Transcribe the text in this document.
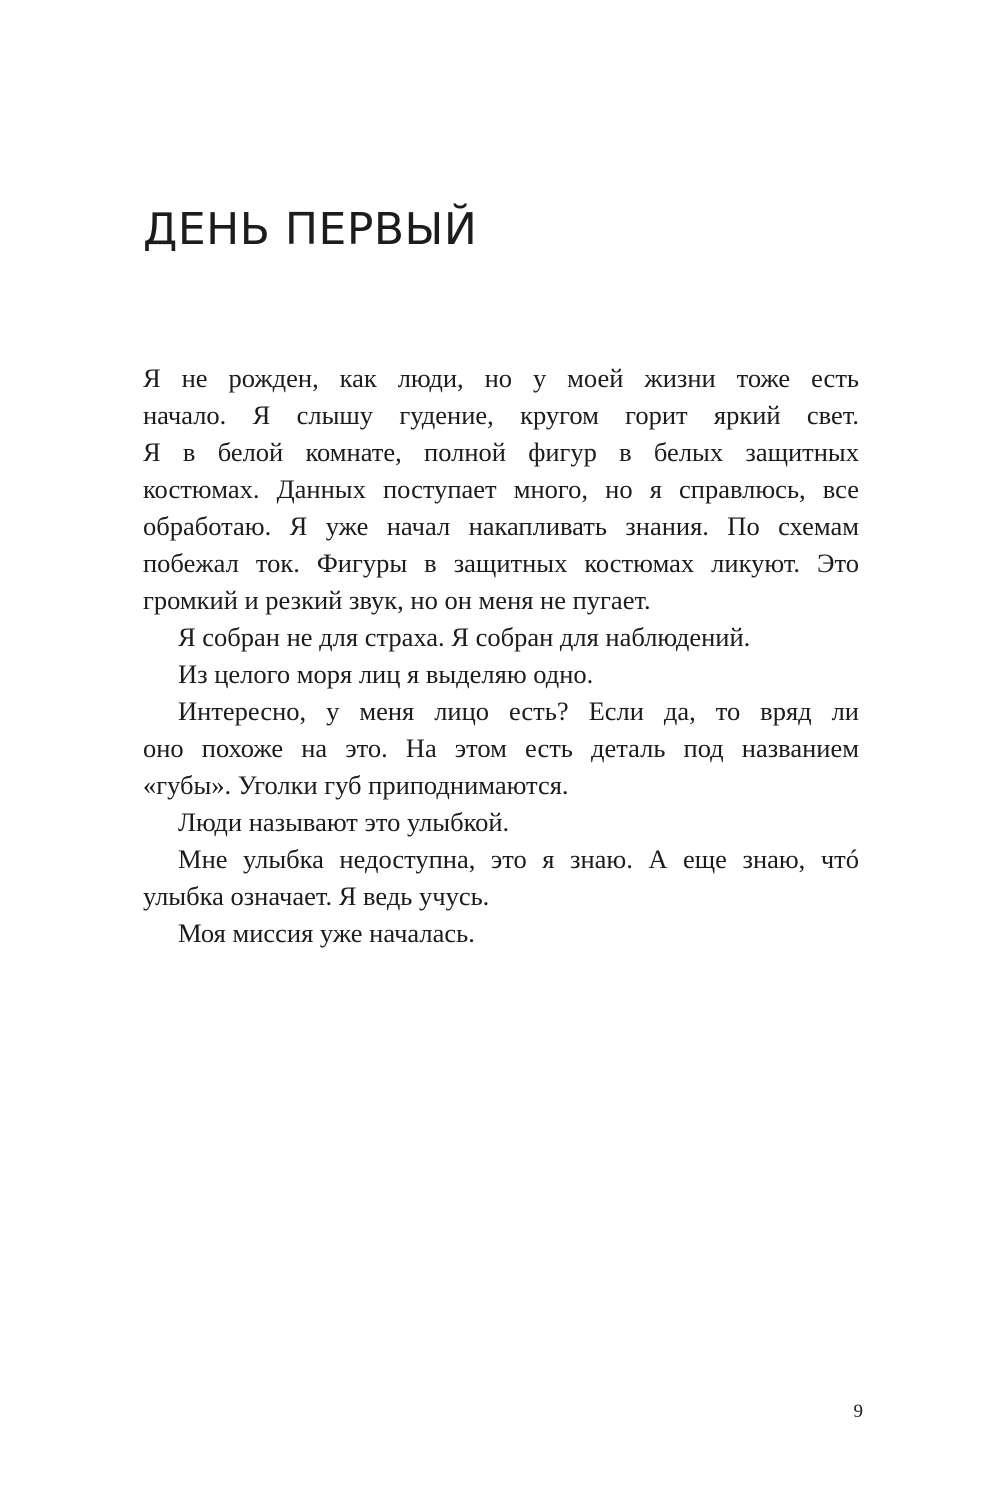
ДЕНЬ ПЕРВЫЙ
Я не рожден, как люди, но у моей жизни тоже есть
начало. Я слышу гудение, кругом горит яркий свет.
Я в белой комнате, полной фигур в белых защитных
костюмах. Данных поступает много, но я справлюсь, все
обработаю. Я уже начал накапливать знания. По схемам
побежал ток. Фигуры в защитных костюмах ликуют. Это
громкий и резкий звук, но он меня не пугает.
Я собран не для страха. Я собран для наблюдений.
Из целого моря лиц я выделяю одно.
Интересно, у меня лицо есть? Если да, то вряд ли
оно похоже на это. На этом есть деталь под названием
«губы». Уголки губ приподнимаются.
Люди называют это улыбкой.
Мне улыбка недоступна, это я знаю. А еще знаю, чтó
улыбка означает. Я ведь учусь.
Моя миссия уже началась.

9
